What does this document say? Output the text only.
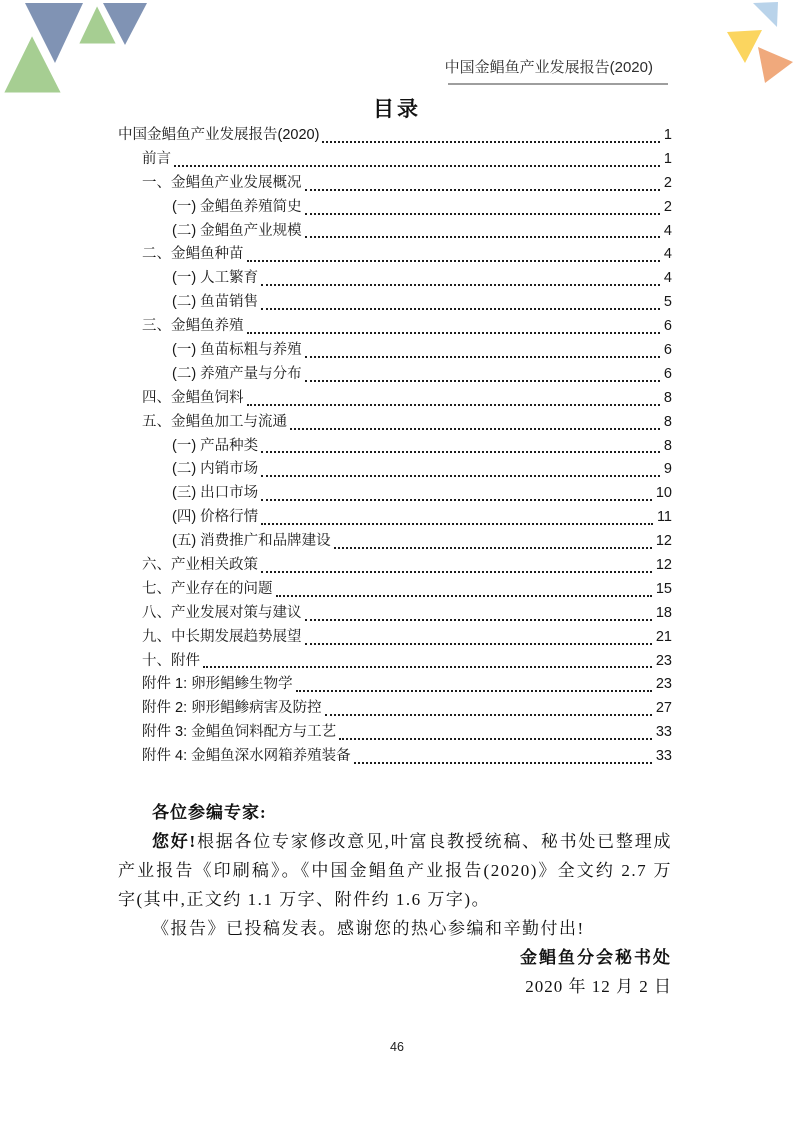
中国金鲳鱼产业发展报告(2020)
目录
中国金鲳鱼产业发展报告(2020)	1
前言	1
一、金鲳鱼产业发展概况	2
(一) 金鲳鱼养殖简史	2
(二) 金鲳鱼产业规模	4
二、金鲳鱼种苗	4
(一) 人工繁育	4
(二) 鱼苗销售	5
三、金鲳鱼养殖	6
(一) 鱼苗标粗与养殖	6
(二) 养殖产量与分布	6
四、金鲳鱼饲料	8
五、金鲳鱼加工与流通	8
(一) 产品种类	8
(二) 内销市场	9
(三) 出口市场	10
(四) 价格行情	11
(五) 消费推广和品牌建设	12
六、产业相关政策	12
七、产业存在的问题	15
八、产业发展对策与建议	18
九、中长期发展趋势展望	21
十、附件	23
附件 1: 卵形鲳鲹生物学	23
附件 2: 卵形鲳鲹病害及防控	27
附件 3: 金鲳鱼饲料配方与工艺	33
附件 4: 金鲳鱼深水网箱养殖装备	33

各位参编专家:

您好!根据各位专家修改意见,叶富良教授统稿、秘书处已整理成产业报告《印刷稿》。《中国金鲳鱼产业报告(2020)》全文约 2.7 万字(其中,正文约 1.1 万字、附件约 1.6 万字)。

《报告》已投稿发表。感谢您的热心参编和辛勤付出!

金鲳鱼分会秘书处

2020 年 12 月 2 日

46
